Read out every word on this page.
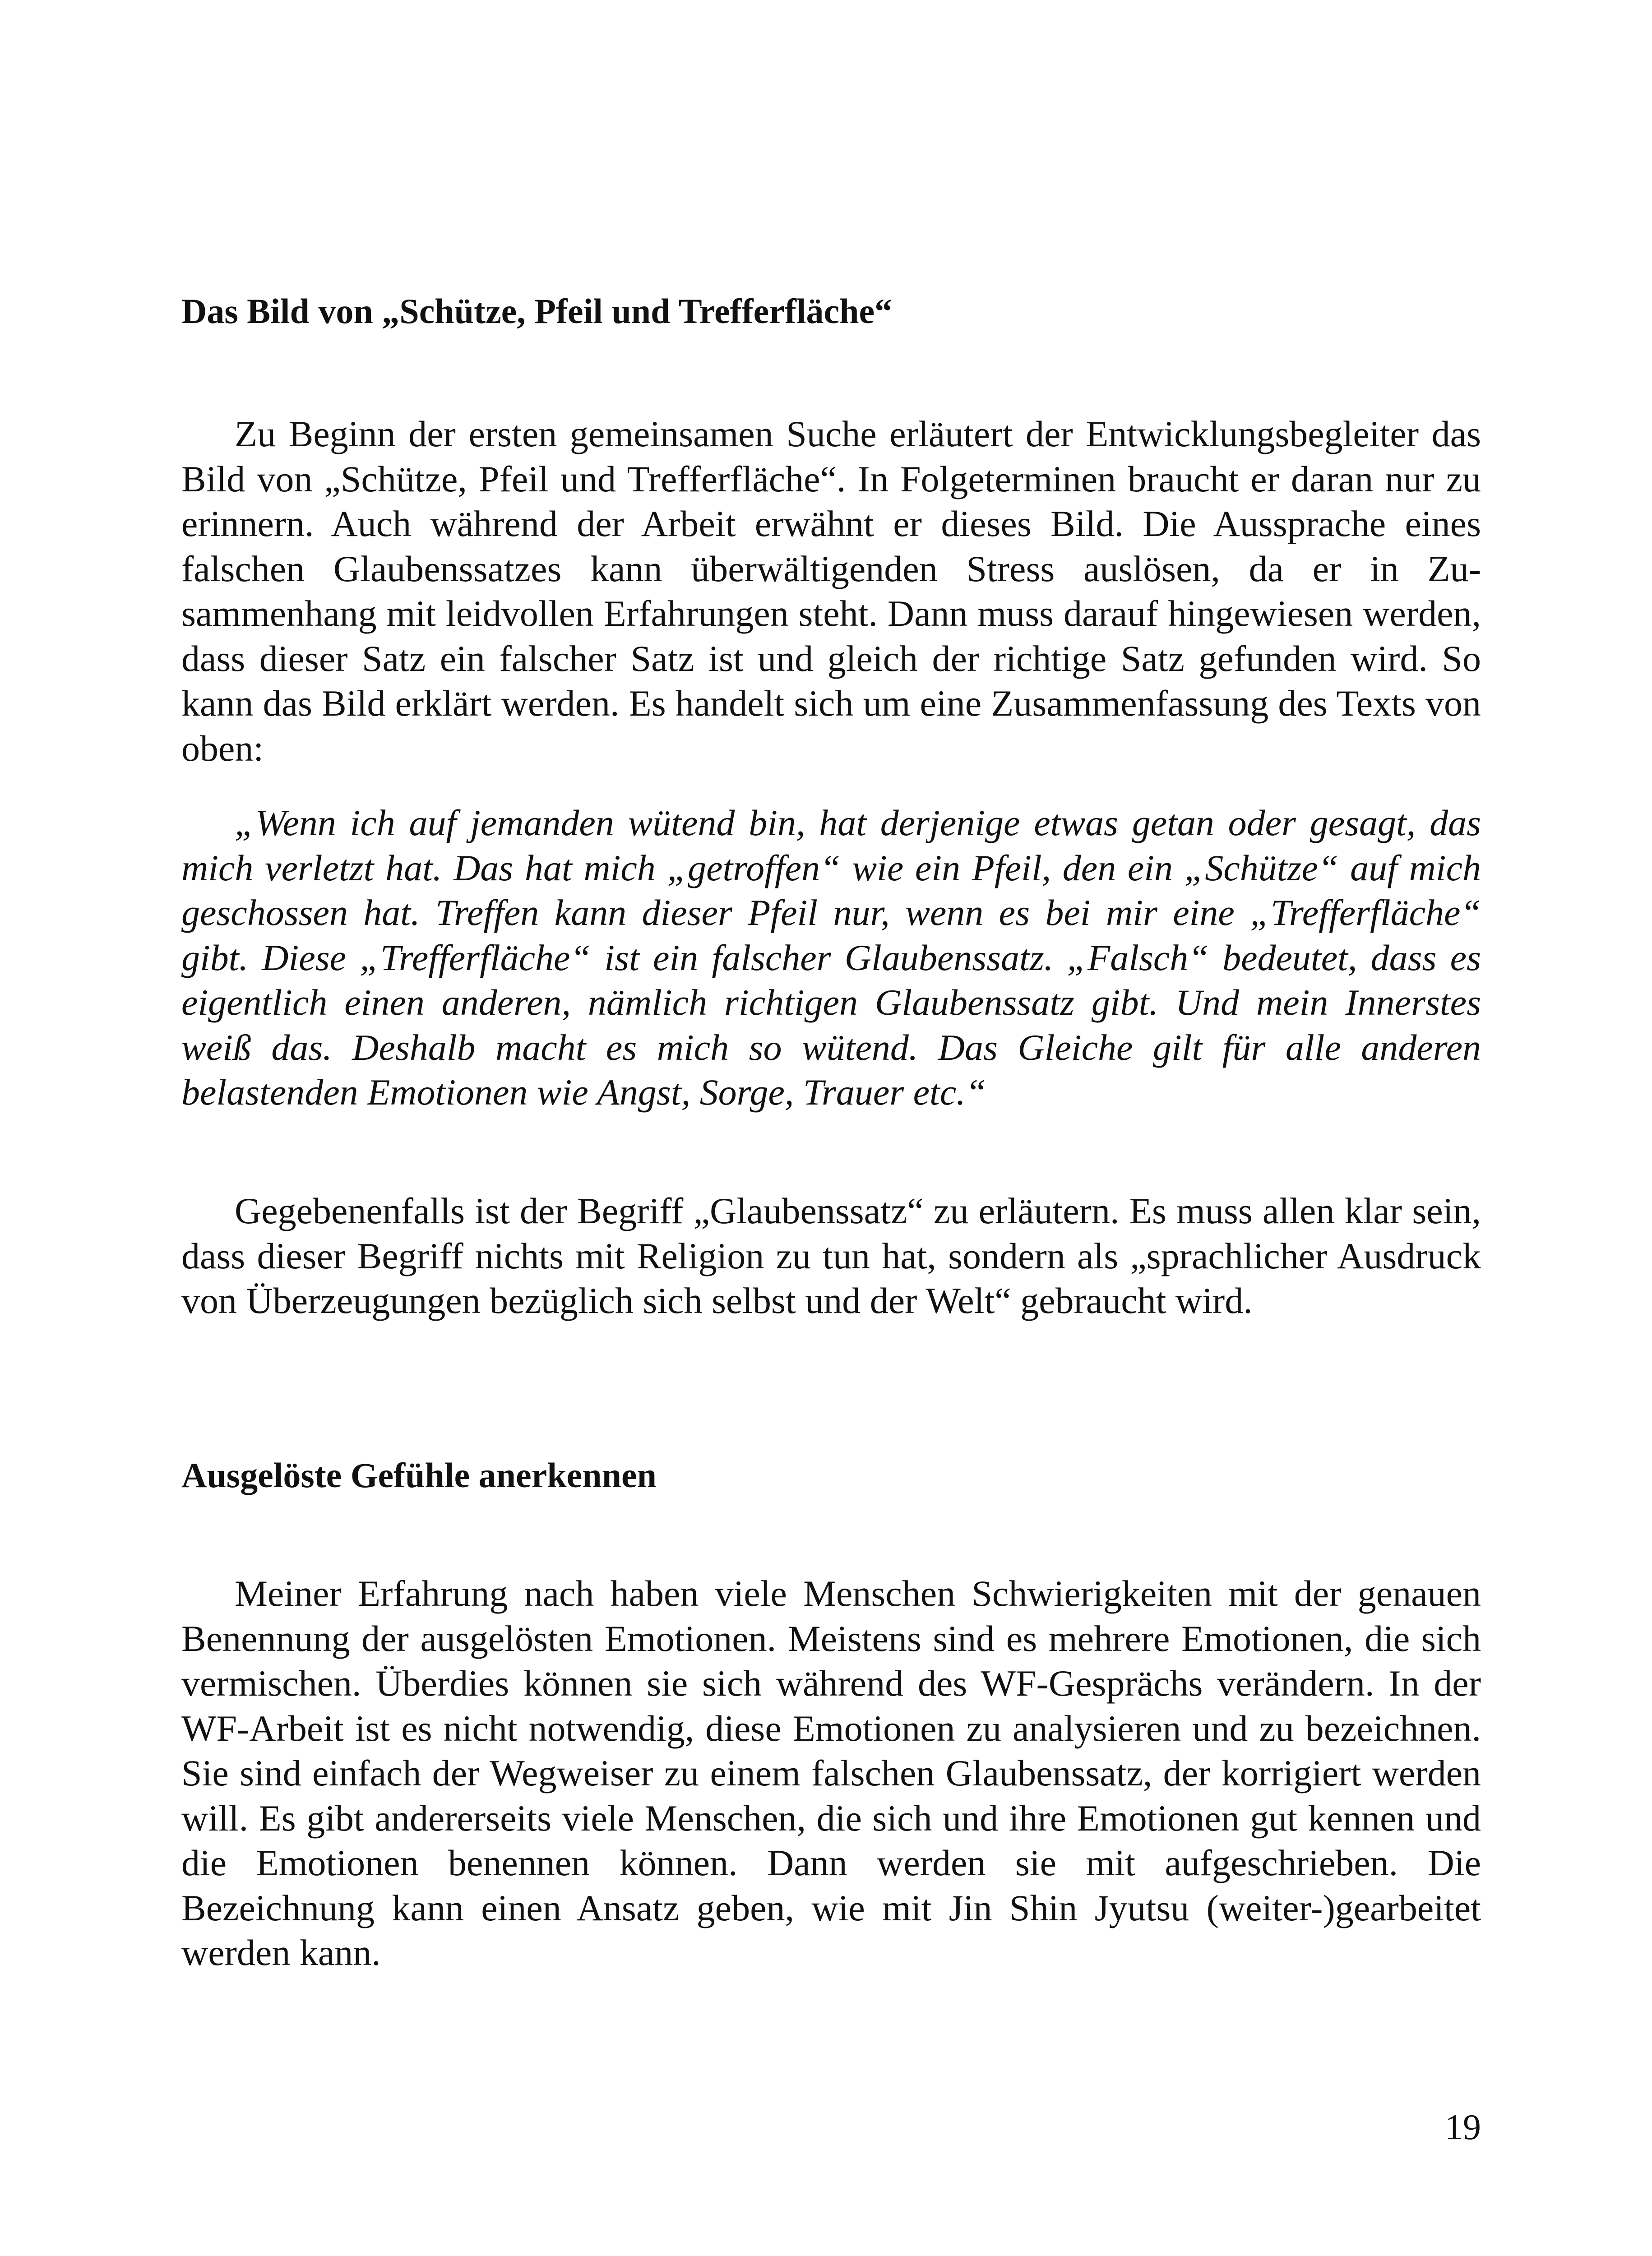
Das Bild von „Schütze, Pfeil und Trefferfläche“

Zu Beginn der ersten gemeinsamen Suche erläutert der Entwicklungsbegleiter das Bild von „Schütze, Pfeil und Trefferfläche“. In Folgeterminen braucht er daran nur zu erinnern. Auch während der Arbeit erwähnt er dieses Bild. Die Aussprache eines falschen Glaubenssatzes kann überwältigenden Stress auslösen, da er in Zusammenhang mit leidvollen Erfahrungen steht. Dann muss darauf hingewiesen werden, dass dieser Satz ein falscher Satz ist und gleich der richtige Satz gefunden wird. So kann das Bild erklärt werden. Es handelt sich um eine Zusammenfassung des Texts von oben:

„Wenn ich auf jemanden wütend bin, hat derjenige etwas getan oder gesagt, das mich verletzt hat. Das hat mich „getroffen“ wie ein Pfeil, den ein „Schütze“ auf mich geschossen hat. Treffen kann dieser Pfeil nur, wenn es bei mir eine „Trefferfläche“ gibt. Diese „Trefferfläche“ ist ein falscher Glaubenssatz. „Falsch“ bedeutet, dass es eigentlich einen anderen, nämlich richtigen Glaubenssatz gibt. Und mein Innerstes weiß das. Deshalb macht es mich so wütend. Das Gleiche gilt für alle anderen belastenden Emotionen wie Angst, Sorge, Trauer etc.“

Gegebenenfalls ist der Begriff „Glaubenssatz“ zu erläutern. Es muss allen klar sein, dass dieser Begriff nichts mit Religion zu tun hat, sondern als „sprachlicher Ausdruck von Überzeugungen bezüglich sich selbst und der Welt“ gebraucht wird.

Ausgelöste Gefühle anerkennen

Meiner Erfahrung nach haben viele Menschen Schwierigkeiten mit der genauen Benennung der ausgelösten Emotionen. Meistens sind es mehrere Emotionen, die sich vermischen. Überdies können sie sich während des WF-Gesprächs verändern. In der WF-Arbeit ist es nicht notwendig, diese Emotionen zu analysieren und zu bezeichnen. Sie sind einfach der Wegweiser zu einem falschen Glaubenssatz, der korrigiert werden will. Es gibt andererseits viele Menschen, die sich und ihre Emotionen gut kennen und die Emotionen benennen können. Dann werden sie mit aufgeschrieben. Die Bezeichnung kann einen Ansatz geben, wie mit Jin Shin Jyutsu (weiter-)gearbeitet werden kann.

19
